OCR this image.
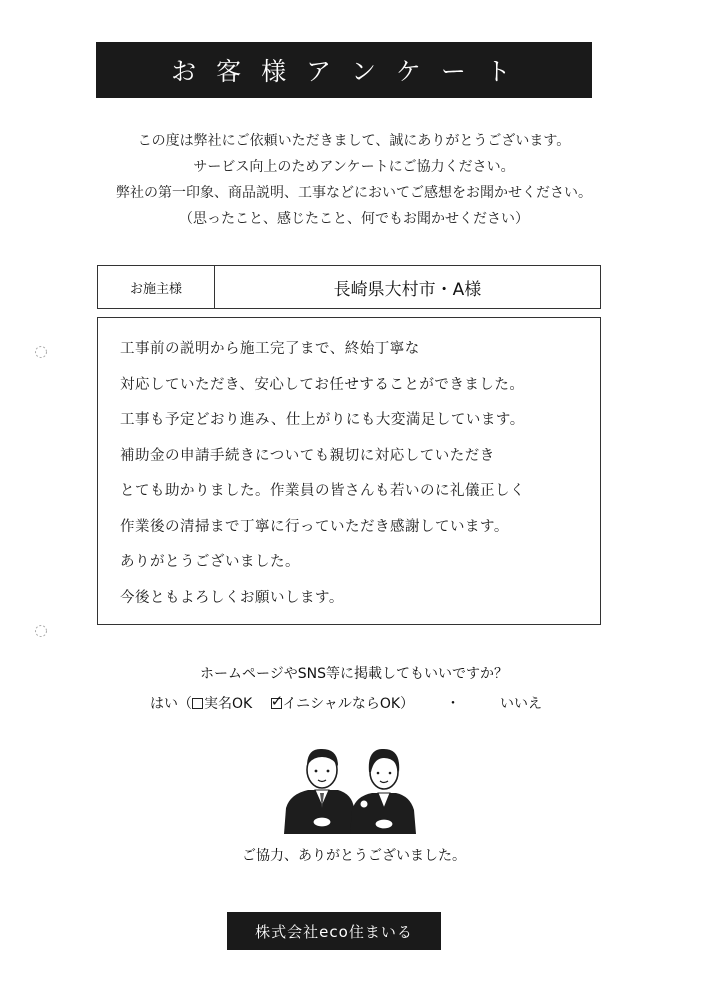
お 客 様 ア ン ケ ー ト
この度は弊社にご依頼いただきまして、誠にありがとうございます。
サービス向上のためアンケートにご協力ください。
弊社の第一印象、商品説明、工事などにおいてご感想をお聞かせください。
（思ったこと、感じたこと、何でもお聞かせください）
お施主様	長崎県大村市・A様
工事前の説明から施工完了まで、終始丁寧な
対応していただき、安心してお任せすることができました。
工事も予定どおり進み、仕上がりにも大変満足しています。
補助金の申請手続きについても親切に対応していただき
とても助かりました。作業員の皆さんも若いのに礼儀正しく
作業後の清掃まで丁寧に行っていただき感謝しています。
ありがとうございました。
今後ともよろしくお願いします。
ホームページやSNS等に掲載してもいいですか？
はい（ 実名OK ✓ イニシャルならOK） ・	いいえ
ご協力、ありがとうございました。
株式会社eco住まいる
